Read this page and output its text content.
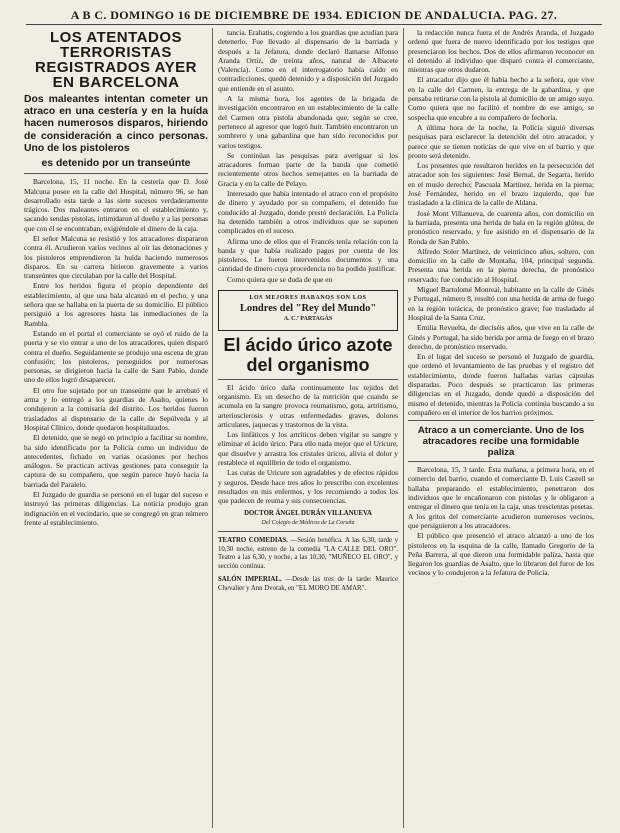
A B C. DOMINGO 16 DE DICIEMBRE DE 1934. EDICION DE ANDALUCIA. PAG. 27.
LOS ATENTADOS TERRORISTAS REGISTRADOS AYER EN BARCELONA
Dos maleantes intentan cometer un atraco en una cestería y en la huída hacen numerosos disparos, hiriendo de consideración a cinco personas. Uno de los pistoleros
es detenido por un transeúnte

Barcelona, 15, 11 noche. En la cestería que D. José Malcuna posee en la calle del Hospital, número 96, se han desarrollado esta tarde a las siete sucesos verdaderamente trágicos. Dos maleantes entraron en el establecimiento y, sacando sendas pistolas, intimidaron al dueño y a las personas que con él se encontraban, exigiéndole el dinero de la caja.

El señor Malcuna se resistió y los atracadores dispararon contra él. Acudieron varios vecinos al oír las detonaciones y los pistoleros emprendieron la huída haciendo numerosos disparos. En su carrera hirieron gravemente a varios transeúntes que circulaban por la calle del Hospital.

Entre los heridos figura el propio dependiente del establecimiento, al que una bala alcanzó en el pecho, y una señora que se hallaba en la puerta de su domicilio. El público persiguió a los agresores hasta las inmediaciones de la Rambla.

Estando en el portal el comerciante se oyó el ruido de la puerta y se vio entrar a uno de los atracadores, quien disparó contra el dueño. Seguidamente se produjo una escena de gran confusión; los pistoleros, perseguidos por numerosas personas, se dirigieron hacia la calle de Sant Pablo, donde uno de ellos logró desaparecer.

El otro fue sujetado por un transeúnte que le arrebató el arma y lo entregó a los guardias de Asalto, quienes lo condujeron a la comisaría del distrito. Los heridos fueron trasladados al dispensario de la calle de Sepúlveda y al Hospital Clínico, donde quedaron hospitalizados.

El detenido, que se negó en principio a facilitar su nombre, ha sido identificado por la Policía como un individuo de antecedentes, fichado en varias ocasiones por hechos análogos. Se practican activas gestiones para conseguir la captura de su compañero, que según parece huyó hacia la barriada del Paralelo.

El Juzgado de guardia se personó en el lugar del suceso e instruyó las primeras diligencias. La noticia produjo gran indignación en el vecindario, que se congregó en gran número frente al establecimiento.

tancia. Erahatis, cogiendo a los guardias que acudían para detenerlo. Fue llevado al dispensario de la barriada y después a la Jefatura, donde declaró llamarse Alfonso Aranda Ortiz, de treinta años, natural de Albacete (Valencia). Como en el interrogatorio había caído en contradicciones, quedó detenido y a disposición del Juzgado que entiende en el asunto.

A la misma hora, los agentes de la brigada de investigación encontraron en un establecimiento de la calle del Carmen otra pistola abandonada que, según se cree, pertenece al agresor que logró huir. También encontraron un sombrero y una gabardina que han sido reconocidos por varios testigos.

Se continúan las pesquisas para averiguar si los atracadores forman parte de la banda que cometió recientemente otros hechos semejantes en la barriada de Gracia y en la calle de Pelayo.

Interesado que había intentado el atraco con el propósito de dinero y ayudado por su compañero, el detenido fue conducido al Juzgado, donde prestó declaración. La Policía ha detenido también a otros individuos que se suponen complicados en el suceso.

Afirma uno de ellos que el Francés tenía relación con la banda y que había realizado pagos por cuenta de los pistoleros. Le fueron intervenidos documentos y una cantidad de dinero cuya procedencia no ha podido justificar.

Como quiera que se duda de que en

LOS MEJORES HABANOS SON LOS
Londres del "Rey del Mundo"
A. C.ª PARTAGÁS
El ácido úrico azote del organismo

El ácido úrico daña continuamente los tejidos del organismo. Es un desecho de la nutrición que cuando se acumula en la sangre provoca reumatismo, gota, artritismo, arteriosclerosis y otras enfermedades graves, dolores articulares, jaquecas y trastornos de la vista.

Los linfáticos y los artríticos deben vigilar su sangre y eliminar el ácido úrico. Para ello nada mejor que el Uricure, que disuelve y arrastra los cristales úricos, alivia el dolor y restablece el equilibrio de todo el organismo.

Las curas de Uricure son agradables y de efectos rápidos y seguros. Desde hace tres años lo prescribo con excelentes resultados en mis enfermos, y los recomiendo a todos los que padecen de reuma y sus consecuencias.

DOCTOR ÁNGEL DURÁN VILLANUEVA
Del Colegio de Médicos de La Coruña
TEATRO COMEDIAS. —Sesión benéfica. A las 6,30, tarde y 10,30 noche, estreno de la comedia "LA CALLE DEL ORO". Teatro a las 6,30, y noche, a las 10,30, "MUÑECO EL ORO", y sección continua.
SALÓN IMPERIAL. —Desde las tres de la tarde: Maurice Chevalier y Ann Dvorak, en "EL MORO DE AMAR".

la redacción nunca fuera el de Andrés Aranda, el Juzgado ordenó que fuera de nuevo identificado por los testigos que presenciaron los hechos. Dos de ellos afirmaron reconocer en el detenido al individuo que disparó contra el comerciante, mientras que otros dudaron.

El atracador dijo que él había hecho a la señora, que vive en la calle del Carmen, la entrega de la gabardina, y que pensaba retirarse con la pistola al domicilio de un amigo suyo. Como quiera que no facilitó el nombre de ese amigo, se sospecha que encubre a su compañero de fechoría.

A última hora de la noche, la Policía siguió diversas pesquisas para esclarecer la detención del otro atracador, y parece que se tienen noticias de que vive en el barrio y que pronto será detenido.

Los presentes que resultaron heridos en la persecución del atracador son los siguientes: José Bernal, de Segarra, herido en el muslo derecho; Pascuala Martínez, herida en la pierna; José Fernández, herido en el brazo izquierdo, que fue trasladado a la clínica de la calle de Aldana.

José Mont Villanueva, de cuarenta años, con domicilio en la barriada, presenta una herida de bala en la región glútea, de pronóstico reservado, y fue asistido en el dispensario de la Ronda de San Pablo.

Alfredo Soler Martínez, de veinticinco años, soltero, con domicilio en la calle de Montaña, 104, principal segunda. Presenta una herida en la pierna derecha, de pronóstico reservado; fue conducido al Hospital.

Miguel Bartolomé Monreal, habitante en la calle de Ginés y Portugal, número 8, resultó con una herida de arma de fuego en la región torácica, de pronóstico grave; fue trasladado al Hospital de la Santa Cruz.

Emilia Revuelta, de dieciséis años, que vive en la calle de Ginés y Portugal, ha sido herida por arma de fuego en el brazo derecho, de pronóstico reservado.

En el lugar del suceso se personó el Juzgado de guardia, que ordenó el levantamiento de las pruebas y el registro del establecimiento, donde fueron halladas varias cápsulas disparadas. Poco después se practicaron las primeras diligencias en el Juzgado, donde quedó a disposición del mismo el detenido, mientras la Policía continúa buscando a su compañero en el interior de los barrios próximos.

Atraco a un comerciante. Uno de los atracadores recibe una formidable paliza

Barcelona, 15, 3 tarde. Esta mañana, a primera hora, en el comercio del barrio, cuando el comerciante D. Luis Castell se hallaba preparando el establecimiento, penetraron dos individuos que le encañonaron con pistolas y le obligaron a entregar el dinero que tenía en la caja, unas trescientas pesetas. A los gritos del comerciante acudieron numerosos vecinos, que persiguieron a los atracadores.

El público que presenció el atraco alcanzó a uno de los pistoleros en la esquina de la calle, llamado Gregorio de la Peña Barrera, al que dieron una formidable paliza, hasta que llegaron los guardias de Asalto, que lo libraron del furor de los vecinos y lo condujeron a la Jefatura de Policía.
